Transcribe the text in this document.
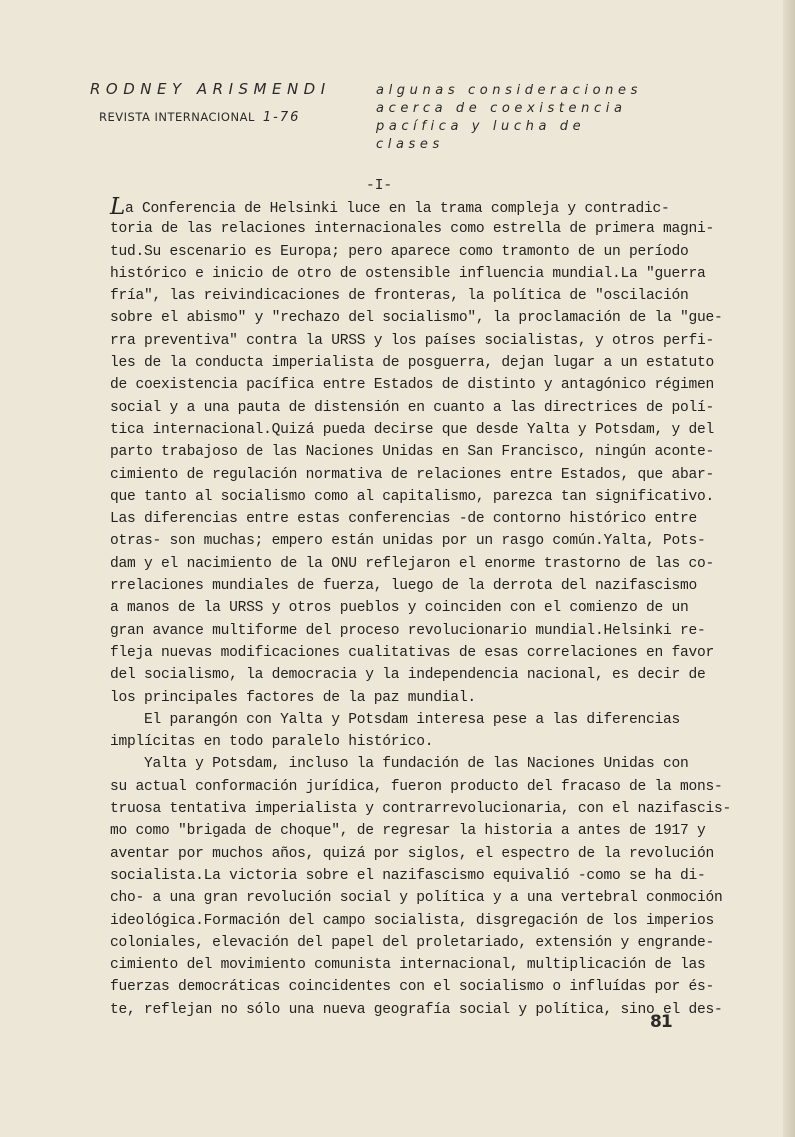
RODNEY ARISMENDI
REVISTA INTERNACIONAL 1-76
algunas consideraciones
acerca de coexistencia
pacífica y lucha de
clases
-I-
La Conferencia de Helsinki luce en la trama compleja y contradic-
toria de las relaciones internacionales como estrella de primera magni-
tud.Su escenario es Europa; pero aparece como tramonto de un período
histórico e inicio de otro de ostensible influencia mundial.La "guerra
fría", las reivindicaciones de fronteras, la política de "oscilación
sobre el abismo" y "rechazo del socialismo", la proclamación de la "gue-
rra preventiva" contra la URSS y los países socialistas, y otros perfi-
les de la conducta imperialista de posguerra, dejan lugar a un estatuto
de coexistencia pacífica entre Estados de distinto y antagónico régimen
social y a una pauta de distensión en cuanto a las directrices de polí-
tica internacional.Quizá pueda decirse que desde Yalta y Potsdam, y del
parto trabajoso de las Naciones Unidas en San Francisco, ningún aconte-
cimiento de regulación normativa de relaciones entre Estados, que abar-
que tanto al socialismo como al capitalismo, parezca tan significativo.
Las diferencias entre estas conferencias -de contorno histórico entre
otras- son muchas; empero están unidas por un rasgo común.Yalta, Pots-
dam y el nacimiento de la ONU reflejaron el enorme trastorno de las co-
rrelaciones mundiales de fuerza, luego de la derrota del nazifascismo
a manos de la URSS y otros pueblos y coinciden con el comienzo de un
gran avance multiforme del proceso revolucionario mundial.Helsinki re-
fleja nuevas modificaciones cualitativas de esas correlaciones en favor
del socialismo, la democracia y la independencia nacional, es decir de
los principales factores de la paz mundial.
El parangón con Yalta y Potsdam interesa pese a las diferencias
implícitas en todo paralelo histórico.
Yalta y Potsdam, incluso la fundación de las Naciones Unidas con
su actual conformación jurídica, fueron producto del fracaso de la mons-
truosa tentativa imperialista y contrarrevolucionaria, con el nazifascis-
mo como "brigada de choque", de regresar la historia a antes de 1917 y
aventar por muchos años, quizá por siglos, el espectro de la revolución
socialista.La victoria sobre el nazifascismo equivalió -como se ha di-
cho- a una gran revolución social y política y a una vertebral conmoción
ideológica.Formación del campo socialista, disgregación de los imperios
coloniales, elevación del papel del proletariado, extensión y engrande-
cimiento del movimiento comunista internacional, multiplicación de las
fuerzas democráticas coincidentes con el socialismo o influídas por és-
te, reflejan no sólo una nueva geografía social y política, sino el des-
81
